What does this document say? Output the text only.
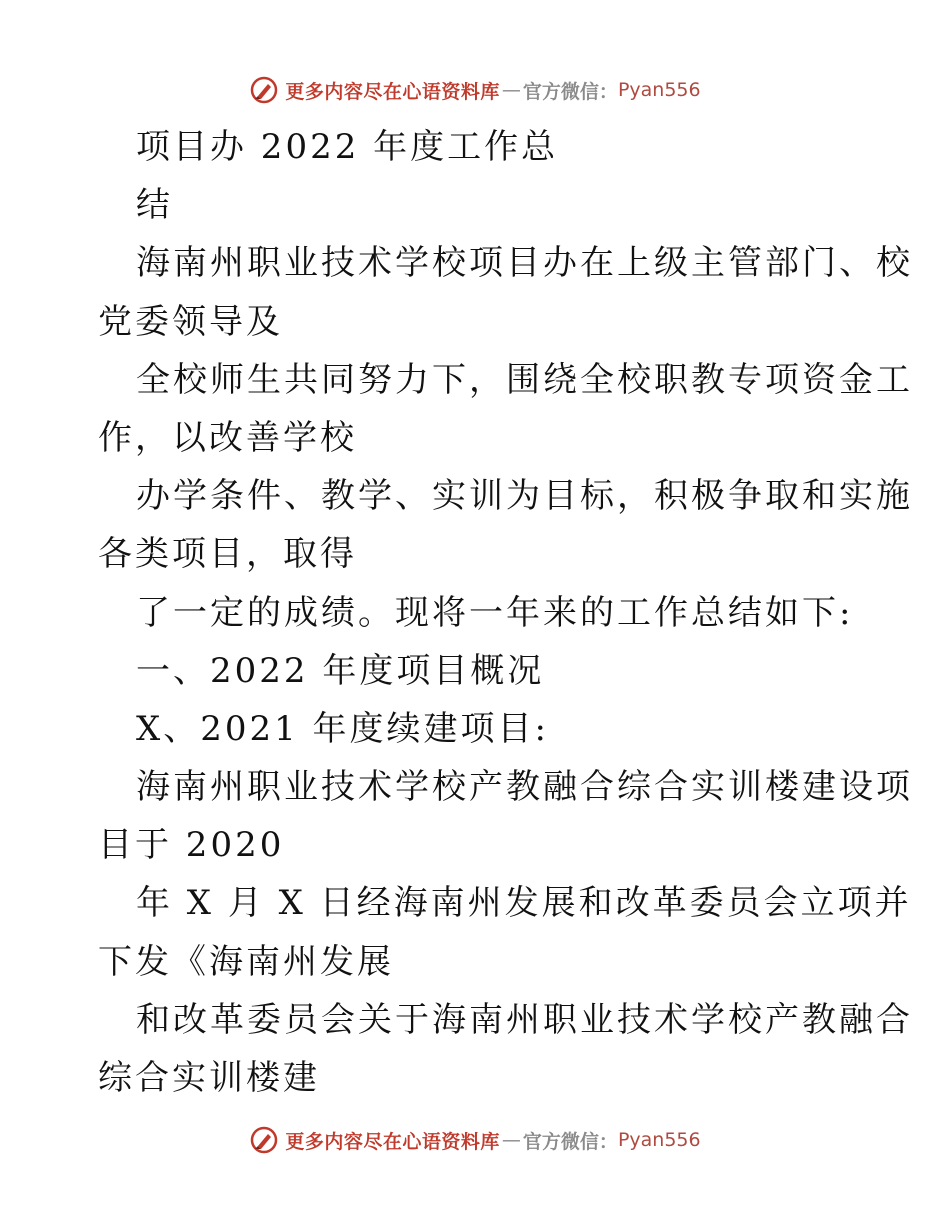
更多内容尽在心语资料库 — 官方微信： Pyan556
项目办 2022 年度工作总
结
海南州职业技术学校项目办在上级主管部门、校
党委领导及
全校师生共同努力下，围绕全校职教专项资金工
作，以改善学校
办学条件、教学、实训为目标，积极争取和实施
各类项目，取得
了一定的成绩。现将一年来的工作总结如下:
一、2022 年度项目概况
X、2021 年度续建项目:
海南州职业技术学校产教融合综合实训楼建设项
目于 2020
年 X 月 X 日经海南州发展和改革委员会立项并
下发《海南州发展
和改革委员会关于海南州职业技术学校产教融合
综合实训楼建
更多内容尽在心语资料库 — 官方微信： Pyan556
